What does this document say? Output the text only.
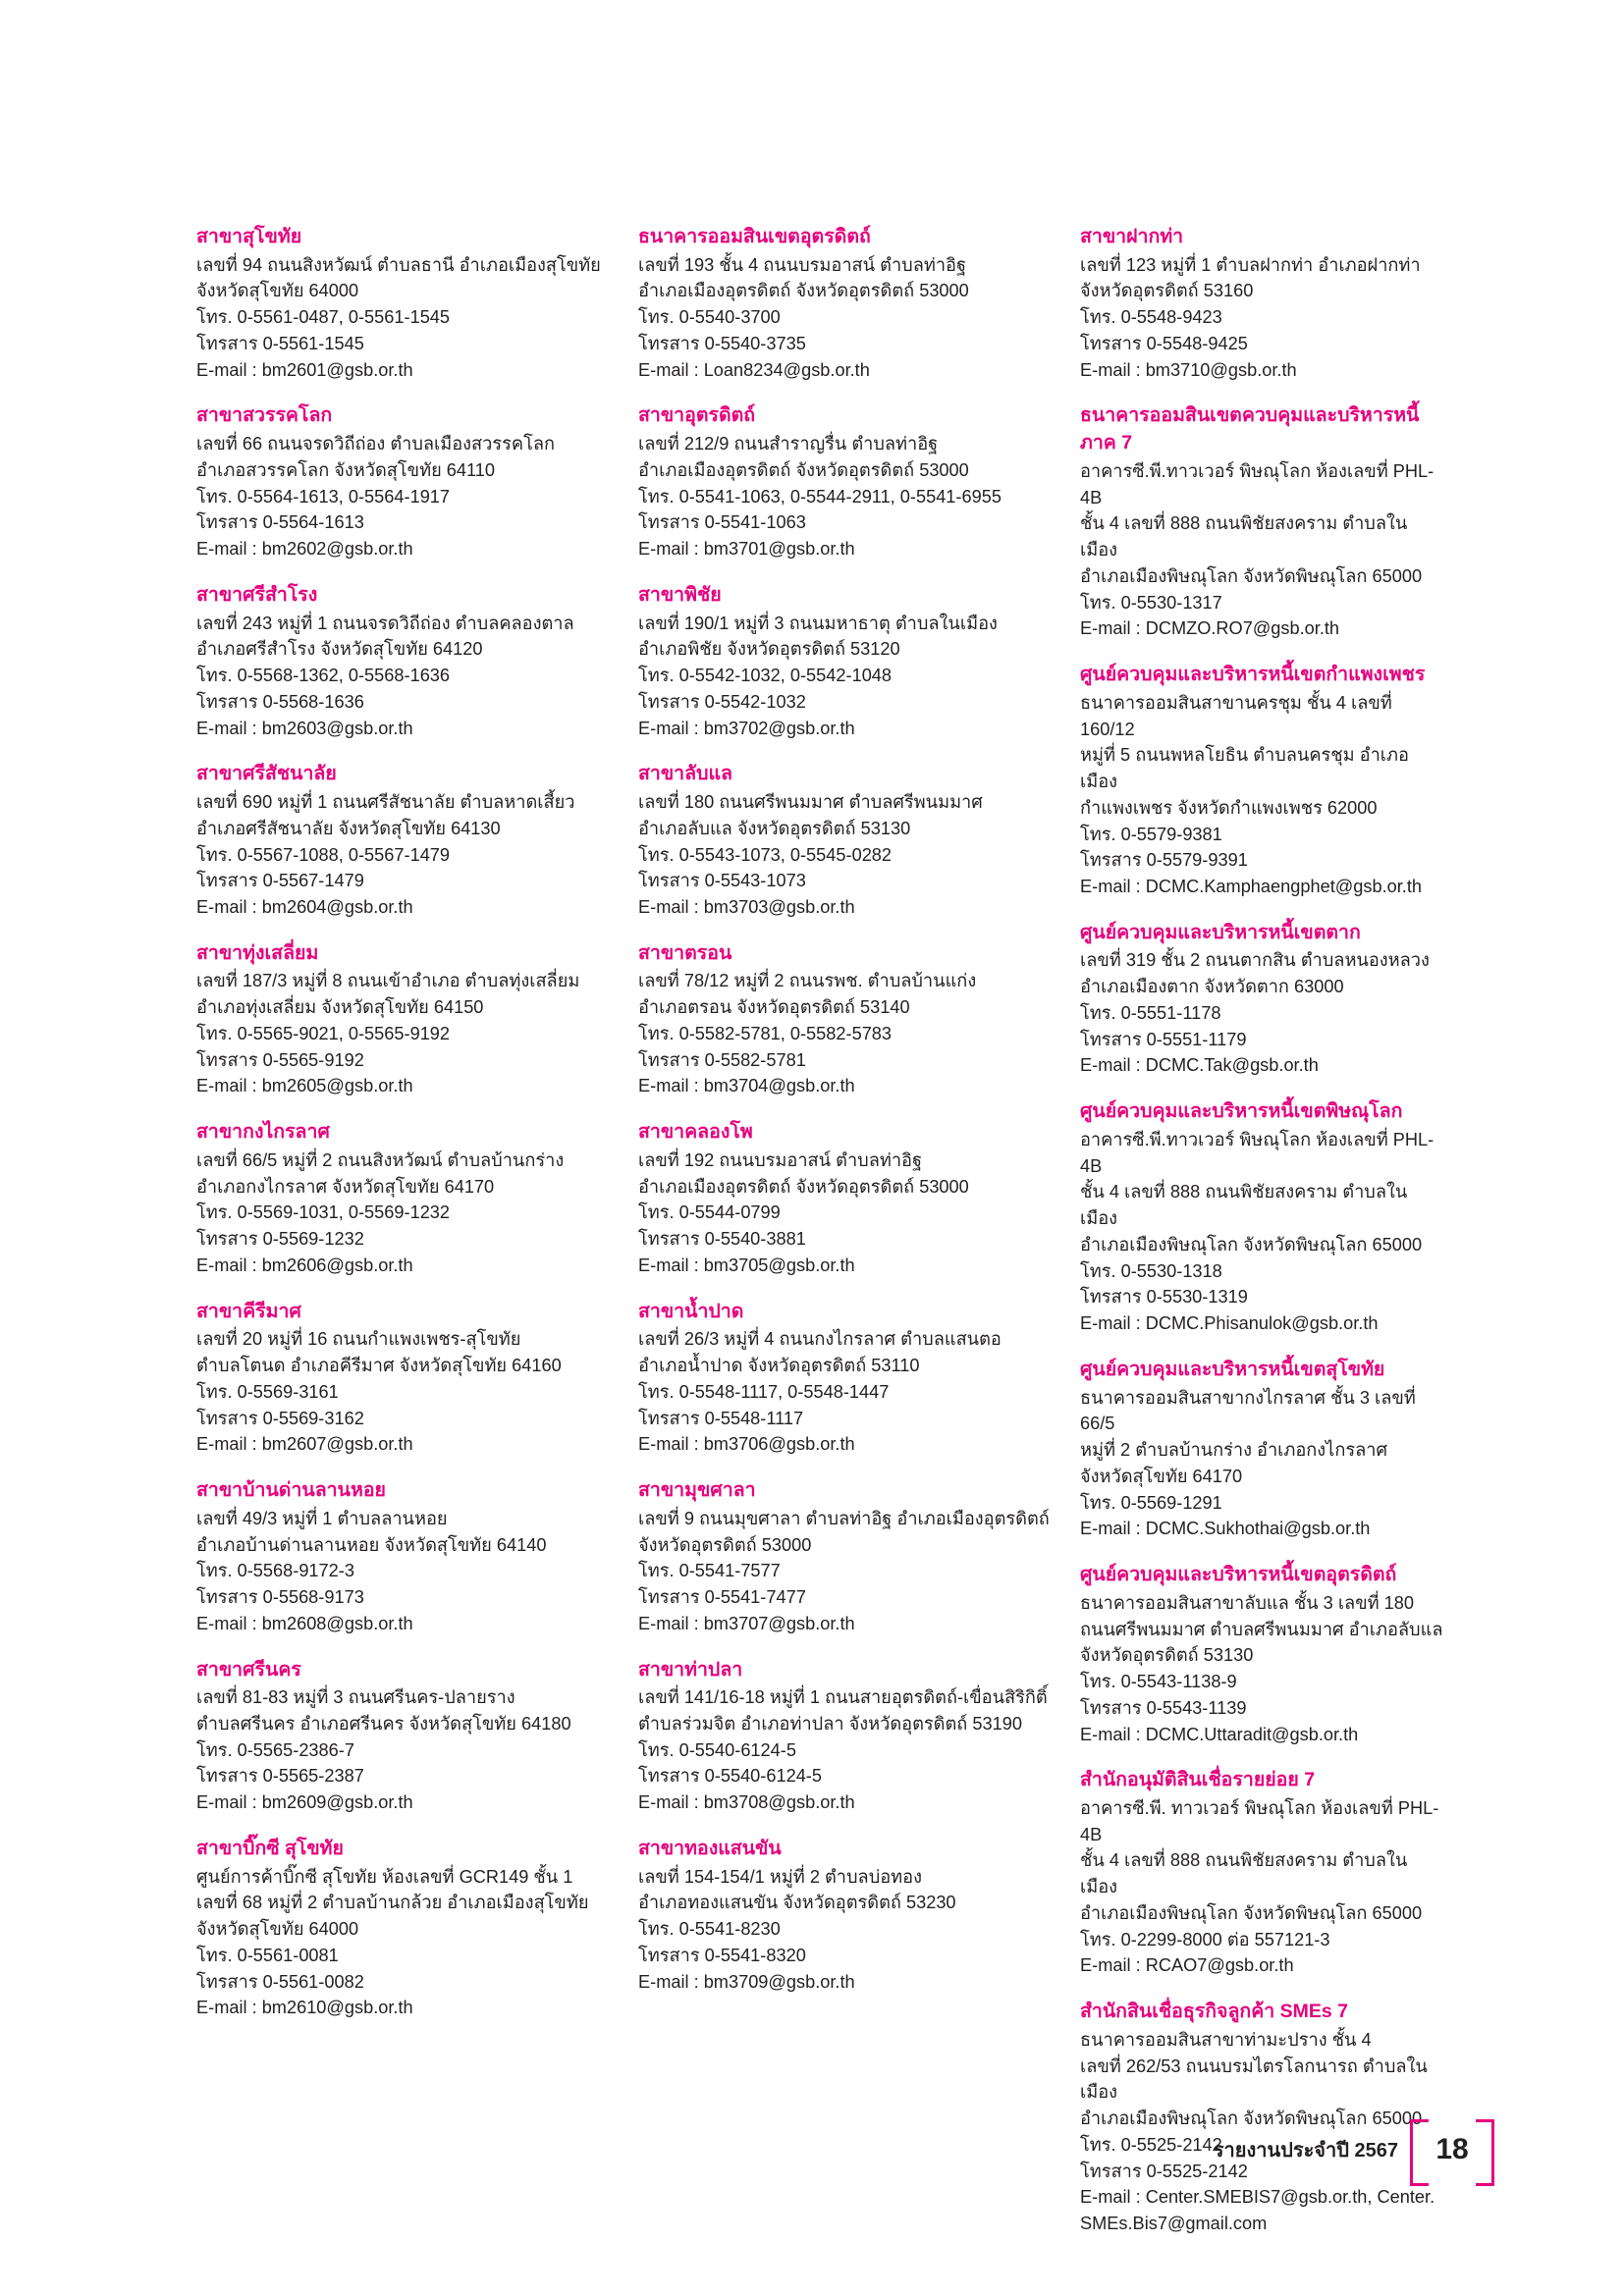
สาขาสุโขทัย
เลขที่ 94 ถนนสิงหวัฒน์ ตำบลธานี อำเภอเมืองสุโขทัย
จังหวัดสุโขทัย 64000
โทร. 0-5561-0487, 0-5561-1545
โทรสาร 0-5561-1545
E-mail : bm2601@gsb.or.th
สาขาสวรรคโลก
เลขที่ 66 ถนนจรดวิถีถ่อง ตำบลเมืองสวรรคโลก
อำเภอสวรรคโลก จังหวัดสุโขทัย 64110
โทร. 0-5564-1613, 0-5564-1917
โทรสาร 0-5564-1613
E-mail : bm2602@gsb.or.th
สาขาศรีสำโรง
เลขที่ 243 หมู่ที่ 1 ถนนจรดวิถีถ่อง ตำบลคลองตาล
อำเภอศรีสำโรง จังหวัดสุโขทัย 64120
โทร. 0-5568-1362, 0-5568-1636
โทรสาร 0-5568-1636
E-mail : bm2603@gsb.or.th
สาขาศรีสัชนาลัย
เลขที่ 690 หมู่ที่ 1 ถนนศรีสัชนาลัย ตำบลหาดเสี้ยว
อำเภอศรีสัชนาลัย จังหวัดสุโขทัย 64130
โทร. 0-5567-1088, 0-5567-1479
โทรสาร 0-5567-1479
E-mail : bm2604@gsb.or.th
สาขาทุ่งเสลี่ยม
เลขที่ 187/3 หมู่ที่ 8 ถนนเข้าอำเภอ ตำบลทุ่งเสลี่ยม
อำเภอทุ่งเสลี่ยม จังหวัดสุโขทัย 64150
โทร. 0-5565-9021, 0-5565-9192
โทรสาร 0-5565-9192
E-mail : bm2605@gsb.or.th
สาขากงไกรลาศ
เลขที่ 66/5 หมู่ที่ 2 ถนนสิงหวัฒน์ ตำบลบ้านกร่าง
อำเภอกงไกรลาศ จังหวัดสุโขทัย 64170
โทร. 0-5569-1031, 0-5569-1232
โทรสาร 0-5569-1232
E-mail : bm2606@gsb.or.th
สาขาคีรีมาศ
เลขที่ 20 หมู่ที่ 16 ถนนกำแพงเพชร-สุโขทัย
ตำบลโตนด อำเภอคีรีมาศ จังหวัดสุโขทัย 64160
โทร. 0-5569-3161
โทรสาร 0-5569-3162
E-mail : bm2607@gsb.or.th
สาขาบ้านด่านลานหอย
เลขที่ 49/3 หมู่ที่ 1 ตำบลลานหอย
อำเภอบ้านด่านลานหอย จังหวัดสุโขทัย 64140
โทร. 0-5568-9172-3
โทรสาร 0-5568-9173
E-mail : bm2608@gsb.or.th
สาขาศรีนคร
เลขที่ 81-83 หมู่ที่ 3 ถนนศรีนคร-ปลายราง
ตำบลศรีนคร อำเภอศรีนคร จังหวัดสุโขทัย 64180
โทร. 0-5565-2386-7
โทรสาร 0-5565-2387
E-mail : bm2609@gsb.or.th
สาขาบิ๊กซี สุโขทัย
ศูนย์การค้าบิ๊กซี สุโขทัย ห้องเลขที่ GCR149 ชั้น 1
เลขที่ 68 หมู่ที่ 2 ตำบลบ้านกล้วย อำเภอเมืองสุโขทัย
จังหวัดสุโขทัย 64000
โทร. 0-5561-0081
โทรสาร 0-5561-0082
E-mail : bm2610@gsb.or.th
ธนาคารออมสินเขตอุตรดิตถ์
เลขที่ 193 ชั้น 4 ถนนบรมอาสน์ ตำบลท่าอิฐ
อำเภอเมืองอุตรดิตถ์ จังหวัดอุตรดิตถ์ 53000
โทร. 0-5540-3700
โทรสาร 0-5540-3735
E-mail : Loan8234@gsb.or.th
สาขาอุตรดิตถ์
เลขที่ 212/9 ถนนสำราญรื่น ตำบลท่าอิฐ
อำเภอเมืองอุตรดิตถ์ จังหวัดอุตรดิตถ์ 53000
โทร. 0-5541-1063, 0-5544-2911, 0-5541-6955
โทรสาร 0-5541-1063
E-mail : bm3701@gsb.or.th
สาขาพิชัย
เลขที่ 190/1 หมู่ที่ 3 ถนนมหาธาตุ ตำบลในเมือง
อำเภอพิชัย จังหวัดอุตรดิตถ์ 53120
โทร. 0-5542-1032, 0-5542-1048
โทรสาร 0-5542-1032
E-mail : bm3702@gsb.or.th
สาขาลับแล
เลขที่ 180 ถนนศรีพนมมาศ ตำบลศรีพนมมาศ
อำเภอลับแล จังหวัดอุตรดิตถ์ 53130
โทร. 0-5543-1073, 0-5545-0282
โทรสาร 0-5543-1073
E-mail : bm3703@gsb.or.th
สาขาตรอน
เลขที่ 78/12 หมู่ที่ 2 ถนนรพช. ตำบลบ้านแก่ง
อำเภอตรอน จังหวัดอุตรดิตถ์ 53140
โทร. 0-5582-5781, 0-5582-5783
โทรสาร 0-5582-5781
E-mail : bm3704@gsb.or.th
สาขาคลองโพ
เลขที่ 192 ถนนบรมอาสน์ ตำบลท่าอิฐ
อำเภอเมืองอุตรดิตถ์ จังหวัดอุตรดิตถ์ 53000
โทร. 0-5544-0799
โทรสาร 0-5540-3881
E-mail : bm3705@gsb.or.th
สาขาน้ำปาด
เลขที่ 26/3 หมู่ที่ 4 ถนนกงไกรลาศ ตำบลแสนตอ
อำเภอน้ำปาด จังหวัดอุตรดิตถ์ 53110
โทร. 0-5548-1117, 0-5548-1447
โทรสาร 0-5548-1117
E-mail : bm3706@gsb.or.th
สาขามุขศาลา
เลขที่ 9 ถนนมุขศาลา ตำบลท่าอิฐ อำเภอเมืองอุตรดิตถ์
จังหวัดอุตรดิตถ์ 53000
โทร. 0-5541-7577
โทรสาร 0-5541-7477
E-mail : bm3707@gsb.or.th
สาขาท่าปลา
เลขที่ 141/16-18 หมู่ที่ 1 ถนนสายอุตรดิตถ์-เขื่อนสิริกิติ์
ตำบลร่วมจิต อำเภอท่าปลา จังหวัดอุตรดิตถ์ 53190
โทร. 0-5540-6124-5
โทรสาร 0-5540-6124-5
E-mail : bm3708@gsb.or.th
สาขาทองแสนขัน
เลขที่ 154-154/1 หมู่ที่ 2 ตำบลบ่อทอง
อำเภอทองแสนขัน จังหวัดอุตรดิตถ์ 53230
โทร. 0-5541-8230
โทรสาร 0-5541-8320
E-mail : bm3709@gsb.or.th
สาขาฝากท่า
เลขที่ 123 หมู่ที่ 1 ตำบลฝากท่า อำเภอฝากท่า
จังหวัดอุตรดิตถ์ 53160
โทร. 0-5548-9423
โทรสาร 0-5548-9425
E-mail : bm3710@gsb.or.th
ธนาคารออมสินเขตควบคุมและบริหารหนี้ ภาค 7
อาคารซี.พี.ทาวเวอร์ พิษณุโลก ห้องเลขที่ PHL-4B
ชั้น 4 เลขที่ 888 ถนนพิชัยสงคราม ตำบลในเมือง
อำเภอเมืองพิษณุโลก จังหวัดพิษณุโลก 65000
โทร. 0-5530-1317
E-mail : DCMZO.RO7@gsb.or.th
ศูนย์ควบคุมและบริหารหนี้เขตกำแพงเพชร
ธนาคารออมสินสาขานครชุม ชั้น 4 เลขที่ 160/12
หมู่ที่ 5 ถนนพหลโยธิน ตำบลนครชุม อำเภอเมือง
กำแพงเพชร จังหวัดกำแพงเพชร 62000
โทร. 0-5579-9381
โทรสาร 0-5579-9391
E-mail : DCMC.Kamphaengphet@gsb.or.th
ศูนย์ควบคุมและบริหารหนี้เขตตาก
เลขที่ 319 ชั้น 2 ถนนตากสิน ตำบลหนองหลวง
อำเภอเมืองตาก จังหวัดตาก 63000
โทร. 0-5551-1178
โทรสาร 0-5551-1179
E-mail : DCMC.Tak@gsb.or.th
ศูนย์ควบคุมและบริหารหนี้เขตพิษณุโลก
อาคารซี.พี.ทาวเวอร์ พิษณุโลก ห้องเลขที่ PHL-4B
ชั้น 4 เลขที่ 888 ถนนพิชัยสงคราม ตำบลในเมือง
อำเภอเมืองพิษณุโลก จังหวัดพิษณุโลก 65000
โทร. 0-5530-1318
โทรสาร 0-5530-1319
E-mail : DCMC.Phisanulok@gsb.or.th
ศูนย์ควบคุมและบริหารหนี้เขตสุโขทัย
ธนาคารออมสินสาขากงไกรลาศ ชั้น 3 เลขที่ 66/5
หมู่ที่ 2 ตำบลบ้านกร่าง อำเภอกงไกรลาศ
จังหวัดสุโขทัย 64170
โทร. 0-5569-1291
E-mail : DCMC.Sukhothai@gsb.or.th
ศูนย์ควบคุมและบริหารหนี้เขตอุตรดิตถ์
ธนาคารออมสินสาขาลับแล ชั้น 3 เลขที่ 180
ถนนศรีพนมมาศ ตำบลศรีพนมมาศ อำเภอลับแล
จังหวัดอุตรดิตถ์ 53130
โทร. 0-5543-1138-9
โทรสาร 0-5543-1139
E-mail : DCMC.Uttaradit@gsb.or.th
สำนักอนุมัติสินเชื่อรายย่อย 7
อาคารซี.พี. ทาวเวอร์ พิษณุโลก ห้องเลขที่ PHL-4B
ชั้น 4 เลขที่ 888 ถนนพิชัยสงคราม ตำบลในเมือง
อำเภอเมืองพิษณุโลก จังหวัดพิษณุโลก 65000
โทร. 0-2299-8000 ต่อ 557121-3
E-mail : RCAO7@gsb.or.th
สำนักสินเชื่อธุรกิจลูกค้า SMEs 7
ธนาคารออมสินสาขาท่ามะปราง ชั้น 4
เลขที่ 262/53 ถนนบรมไตรโลกนารถ ตำบลในเมือง
อำเภอเมืองพิษณุโลก จังหวัดพิษณุโลก 65000
โทร. 0-5525-2142
โทรสาร 0-5525-2142
E-mail : Center.SMEBIS7@gsb.or.th, Center.
SMEs.Bis7@gmail.com
รายงานประจำปี 2567 18
